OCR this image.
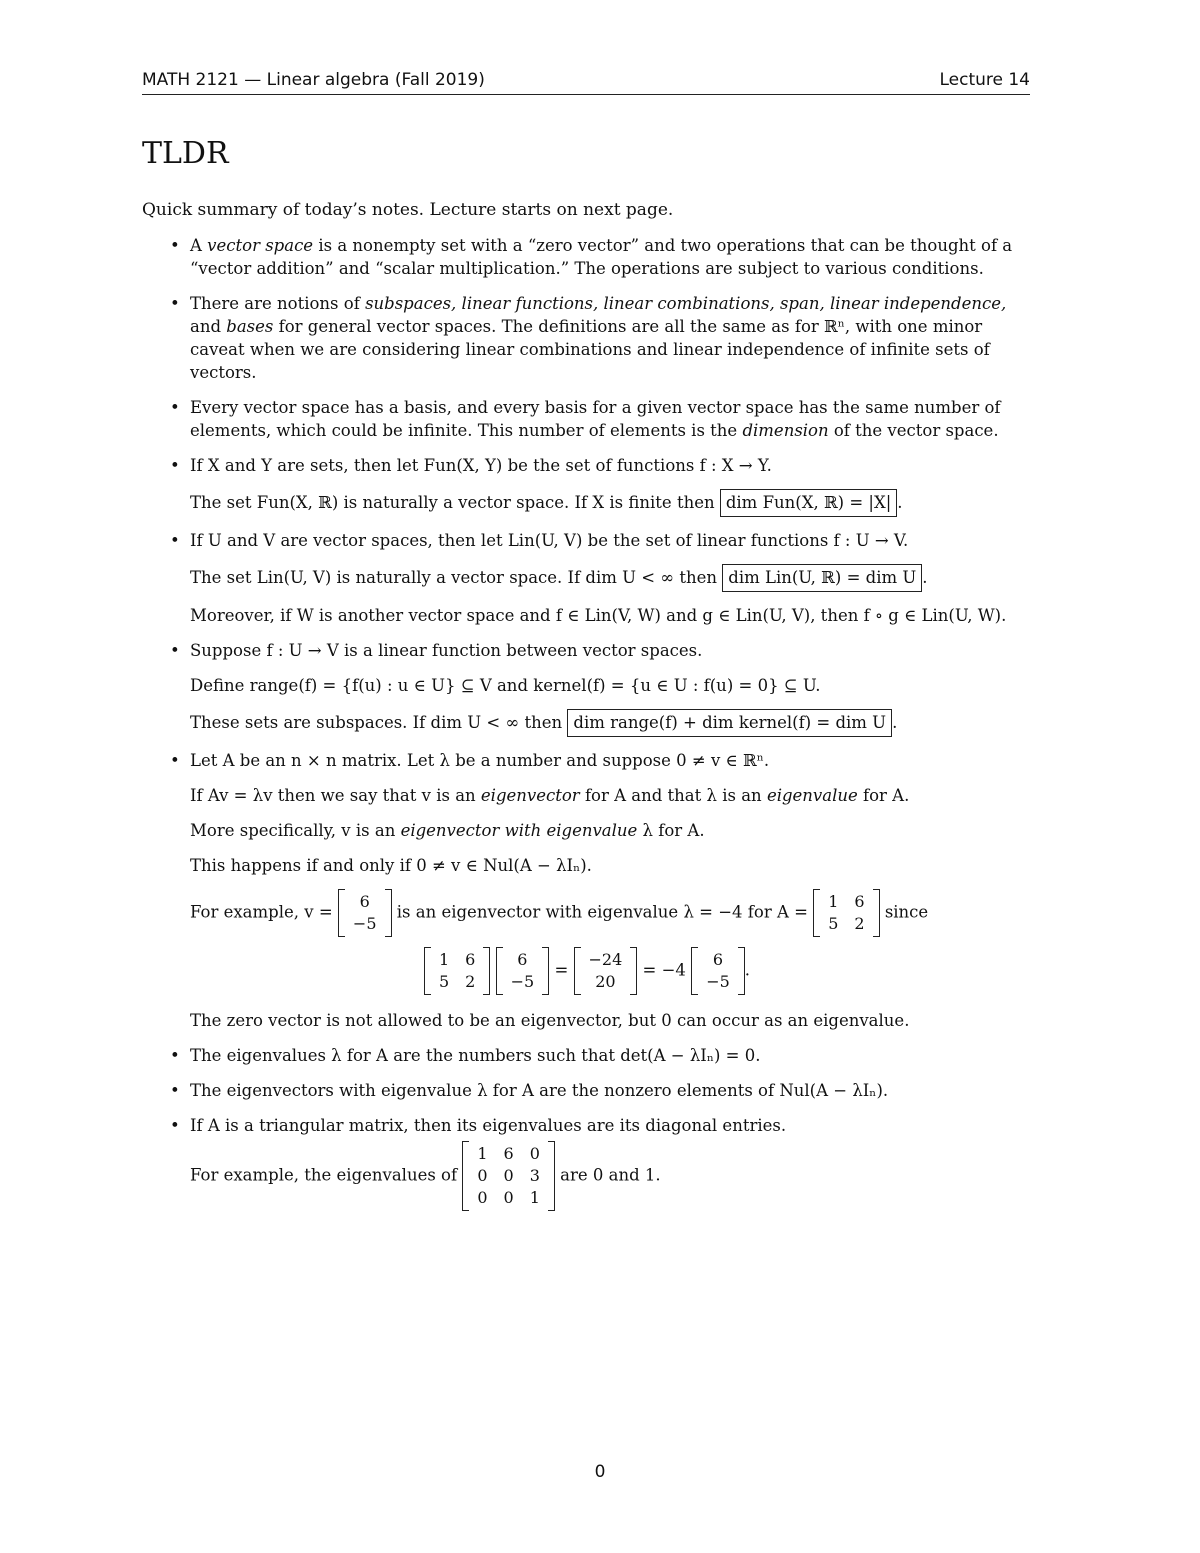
MATH 2121 — Linear algebra (Fall 2019)	Lecture 14
TLDR
Quick summary of today’s notes. Lecture starts on next page.
• A vector space is a nonempty set with a “zero vector” and two operations that can be thought of a “vector addition” and “scalar multiplication.” The operations are subject to various conditions.
• There are notions of subspaces, linear functions, linear combinations, span, linear independence, and bases for general vector spaces. The definitions are all the same as for ℝⁿ, with one minor caveat when we are considering linear combinations and linear independence of infinite sets of vectors.
• Every vector space has a basis, and every basis for a given vector space has the same number of elements, which could be infinite. This number of elements is the dimension of the vector space.
• If X and Y are sets, then let Fun(X, Y) be the set of functions f : X → Y.
The set Fun(X, ℝ) is naturally a vector space. If X is finite then dim Fun(X, ℝ) = |X| .
• If U and V are vector spaces, then let Lin(U, V) be the set of linear functions f : U → V.
The set Lin(U, V) is naturally a vector space. If dim U < ∞ then dim Lin(U, ℝ) = dim U .
Moreover, if W is another vector space and f ∈ Lin(V, W) and g ∈ Lin(U, V), then f ∘ g ∈ Lin(U, W).
• Suppose f : U → V is a linear function between vector spaces.
Define range(f) = {f(u) : u ∈ U} ⊆ V and kernel(f) = {u ∈ U : f(u) = 0} ⊆ U.
These sets are subspaces. If dim U < ∞ then dim range(f) + dim kernel(f) = dim U .
• Let A be an n × n matrix. Let λ be a number and suppose 0 ≠ v ∈ ℝⁿ.
If Av = λv then we say that v is an eigenvector for A and that λ is an eigenvalue for A.
More specifically, v is an eigenvector with eigenvalue λ for A.
This happens if and only if 0 ≠ v ∈ Nul(A − λIₙ).
For example, v =
6
−5
is an eigenvector with eigenvalue λ = −4 for A =
1 6
5 2
since
1 6
5 2

6
−5
=
−24
20
= −4
6
−5
.
The zero vector is not allowed to be an eigenvector, but 0 can occur as an eigenvalue.
• The eigenvalues λ for A are the numbers such that det(A − λIₙ) = 0.
• The eigenvectors with eigenvalue λ for A are the nonzero elements of Nul(A − λIₙ).
• If A is a triangular matrix, then its eigenvalues are its diagonal entries.
For example, the eigenvalues of
1 6 0
0 0 3
0 0 1
are 0 and 1.
0
